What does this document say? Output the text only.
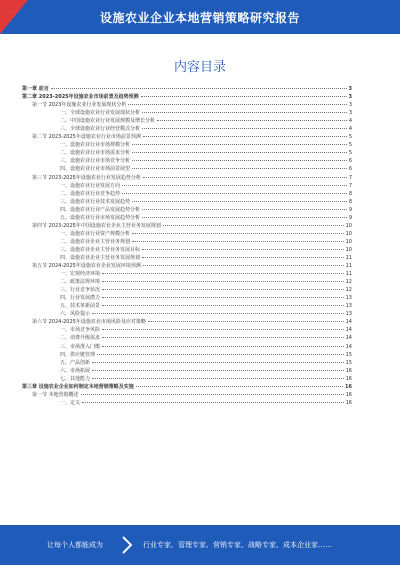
设施农业企业本地营销策略研究报告
内容目录
第一章 前言	3
第二章 2023-2025年设施农业市场前景及趋势预测	3
第一节 2023年设施农业行业发展现状分析	3
一、全球设施农业行业发展现状分析	3
二、中国设施农业行业发展规模及增长分析	4
三、全球设施农业行业经营模式分析	4
第二节 2023-2025年设施农业行业市场前景预测	5
一、设施农业行业市场规模分析	5
二、设施农业行业市场需求分析	5
三、设施农业行业市场竞争分析	6
四、设施农业行业市场前景展望	6
第三节 2023-2025年设施农业行业发展趋势分析	7
一、设施农业行业发展方向	7
二、设施农业行业竞争趋势	8
三、设施农业行业技术发展趋势	8
四、设施农业行业产品发展趋势分析	9
五、设施农业行业市场发展趋势分析	9
第四节 2023-2025年中国设施农业企业主营业务发展规划	10
一、设施农业行业资产规模分析	10
二、设施农业企业主营业务规划	10
三、设施农业企业主营业务发展目标	10
四、设施农业企业主营业务发展规划	11
第五节 2024-2025年设施农业企业发展环境预测	11
一、宏观经济环境	11
二、政策法规环境	12
三、行业竞争状况	12
四、行业发展潜力	13
五、技术革新前景	13
六、风险提示	13
第六节 2024-2025年设施农业市场风险及应对策略	14
一、市场竞争风险	14
二、消费升级需求	14
三、市场准入门槛	14
四、供应链管理	15
五、产品创新	15
六、市场拓展	16
七、其他能力	16
第三章 设施农业企业如何制定本地营销策略及实施	16
第一节 本地营销概述	16
一、定义	16
让每个人都能成为	行业专家、管理专家、营销专家、战略专家、成本企业家……
